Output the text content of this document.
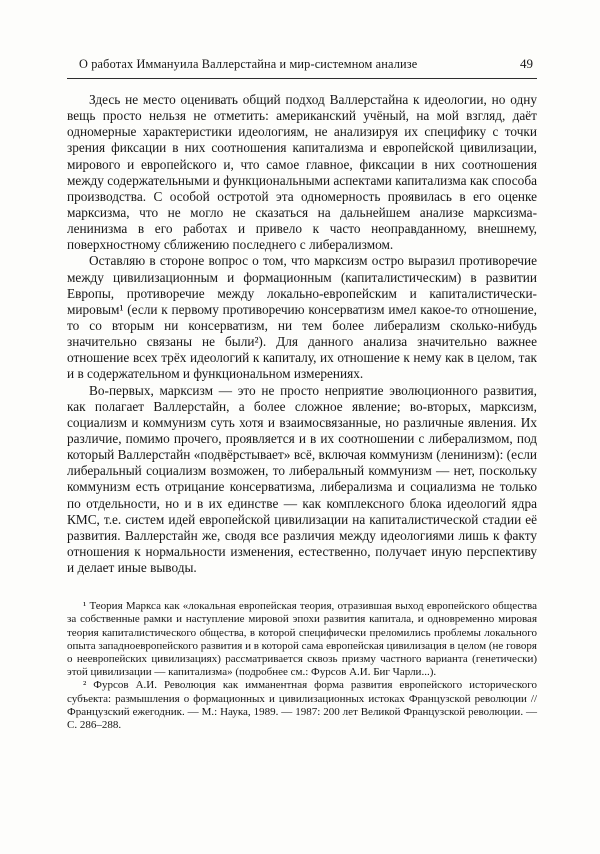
О работах Иммануила Валлерстайна и мир-системном анализе	49

Здесь не место оценивать общий подход Валлерстайна к идеологии, но одну вещь просто нельзя не отметить: американский учёный, на мой взгляд, даёт одномерные характеристики идеологиям, не анализируя их специфику с точки зрения фиксации в них соотношения капитализма и европейской цивилизации, мирового и европейского и, что самое главное, фиксации в них соотношения между содержательными и функциональными аспектами капитализма как способа производства. С особой остротой эта одномерность проявилась в его оценке марксизма, что не могло не сказаться на дальнейшем анализе марксизма-ленинизма в его работах и привело к часто неоправданному, внешнему, поверхностному сближению последнего с либерализмом.

Оставляю в стороне вопрос о том, что марксизм остро выразил противоречие между цивилизационным и формационным (капиталистическим) в развитии Европы, противоречие между локально-европейским и капиталистически-мировым¹ (если к первому противоречию консерватизм имел какое-то отношение, то со вторым ни консерватизм, ни тем более либерализм сколько-нибудь значительно связаны не были²). Для данного анализа значительно важнее отношение всех трёх идеологий к капиталу, их отношение к нему как в целом, так и в содержательном и функциональном измерениях.

Во-первых, марксизм — это не просто неприятие эволюционного развития, как полагает Валлерстайн, а более сложное явление; во-вторых, марксизм, социализм и коммунизм суть хотя и взаимосвязанные, но различные явления. Их различие, помимо прочего, проявляется и в их соотношении с либерализмом, под который Валлерстайн «подвёрстывает» всё, включая коммунизм (ленинизм): (если либеральный социализм возможен, то либеральный коммунизм — нет, поскольку коммунизм есть отрицание консерватизма, либерализма и социализма не только по отдельности, но и в их единстве — как комплексного блока идеологий ядра КМС, т.е. систем идей европейской цивилизации на капиталистической стадии её развития. Валлерстайн же, сводя все различия между идеологиями лишь к факту отношения к нормальности изменения, естественно, получает иную перспективу и делает иные выводы.

¹ Теория Маркса как «локальная европейская теория, отразившая выход европейского общества за собственные рамки и наступление мировой эпохи развития капитала, и одновременно мировая теория капиталистического общества, в которой специфически преломились проблемы локального опыта западноевропейского развития и в которой сама европейская цивилизация в целом (не говоря о неевропейских цивилизациях) рассматривается сквозь призму частного варианта (генетически) этой цивилизации — капитализма» (подробнее см.: Фурсов А.И. Биг Чарли...).

² Фурсов А.И. Революция как имманентная форма развития европейского исторического субъекта: размышления о формационных и цивилизационных истоках Французской революции // Французский ежегодник. — М.: Наука, 1989. — 1987: 200 лет Великой Французской революции. — С. 286–288.
